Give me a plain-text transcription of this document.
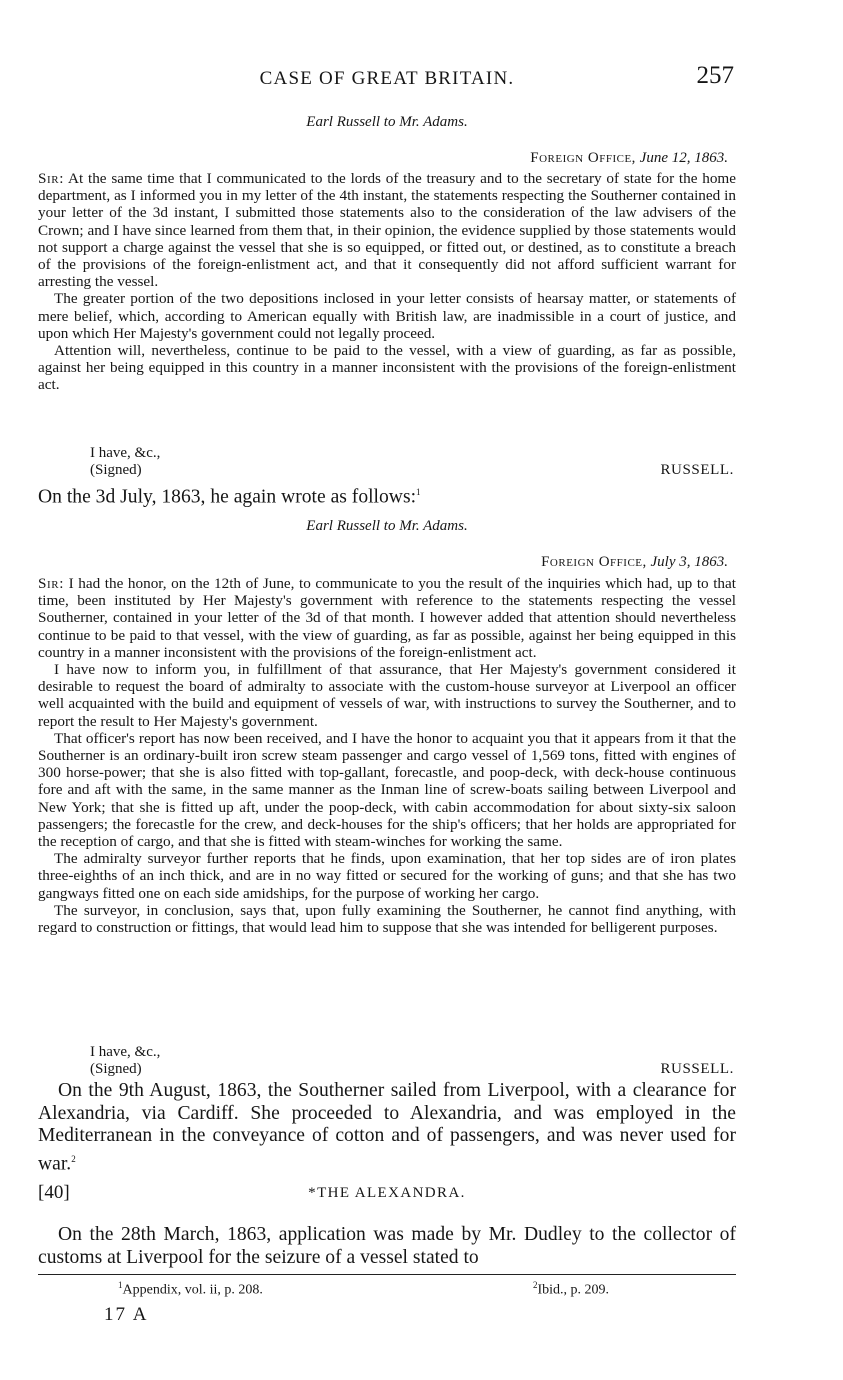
CASE OF GREAT BRITAIN.	257
Earl Russell to Mr. Adams.
Foreign Office, June 12, 1863.

Sir: At the same time that I communicated to the lords of the treasury and to the secretary of state for the home department, as I informed you in my letter of the 4th instant, the statements respecting the Southerner contained in your letter of the 3d instant, I submitted those statements also to the consideration of the law advisers of the Crown; and I have since learned from them that, in their opinion, the evidence supplied by those statements would not support a charge against the vessel that she is so equipped, or fitted out, or destined, as to constitute a breach of the provisions of the foreign-enlistment act, and that it consequently did not afford sufficient warrant for arresting the vessel.

The greater portion of the two depositions inclosed in your letter consists of hearsay matter, or statements of mere belief, which, according to American equally with British law, are inadmissible in a court of justice, and upon which Her Majesty's government could not legally proceed.

Attention will, nevertheless, continue to be paid to the vessel, with a view of guarding, as far as possible, against her being equipped in this country in a manner inconsistent with the provisions of the foreign-enlistment act.

I have, &c.,
(Signed)	RUSSELL.

On the 3d July, 1863, he again wrote as follows:$^1$

Earl Russell to Mr. Adams.
Foreign Office, July 3, 1863.

Sir: I had the honor, on the 12th of June, to communicate to you the result of the inquiries which had, up to that time, been instituted by Her Majesty's government with reference to the statements respecting the vessel Southerner, contained in your letter of the 3d of that month. I however added that attention should nevertheless continue to be paid to that vessel, with the view of guarding, as far as possible, against her being equipped in this country in a manner inconsistent with the provisions of the foreign-enlistment act.

I have now to inform you, in fulfillment of that assurance, that Her Majesty's government considered it desirable to request the board of admiralty to associate with the custom-house surveyor at Liverpool an officer well acquainted with the build and equipment of vessels of war, with instructions to survey the Southerner, and to report the result to Her Majesty's government.

That officer's report has now been received, and I have the honor to acquaint you that it appears from it that the Southerner is an ordinary-built iron screw steam passenger and cargo vessel of 1,569 tons, fitted with engines of 300 horse-power; that she is also fitted with top-gallant, forecastle, and poop-deck, with deck-house continuous fore and aft with the same, in the same manner as the Inman line of screw-boats sailing between Liverpool and New York; that she is fitted up aft, under the poop-deck, with cabin accommodation for about sixty-six saloon passengers; the forecastle for the crew, and deck-houses for the ship's officers; that her holds are appropriated for the reception of cargo, and that she is fitted with steam-winches for working the same.

The admiralty surveyor further reports that he finds, upon examination, that her top sides are of iron plates three-eighths of an inch thick, and are in no way fitted or secured for the working of guns; and that she has two gangways fitted one on each side amidships, for the purpose of working her cargo.

The surveyor, in conclusion, says that, upon fully examining the Southerner, he cannot find anything, with regard to construction or fittings, that would lead him to suppose that she was intended for belligerent purposes.

I have, &c.,
(Signed)	RUSSELL.

On the 9th August, 1863, the Southerner sailed from Liverpool, with a clearance for Alexandria, via Cardiff. She proceeded to Alexandria, and was employed in the Mediterranean in the conveyance of cotton and of passengers, and was never used for war.$^2$

[40]	*THE ALEXANDRA.

On the 28th March, 1863, application was made by Mr. Dudley to the collector of customs at Liverpool for the seizure of a vessel stated to

$^1$Appendix, vol. ii, p. 208.	$^2$Ibid., p. 209.
17 A
